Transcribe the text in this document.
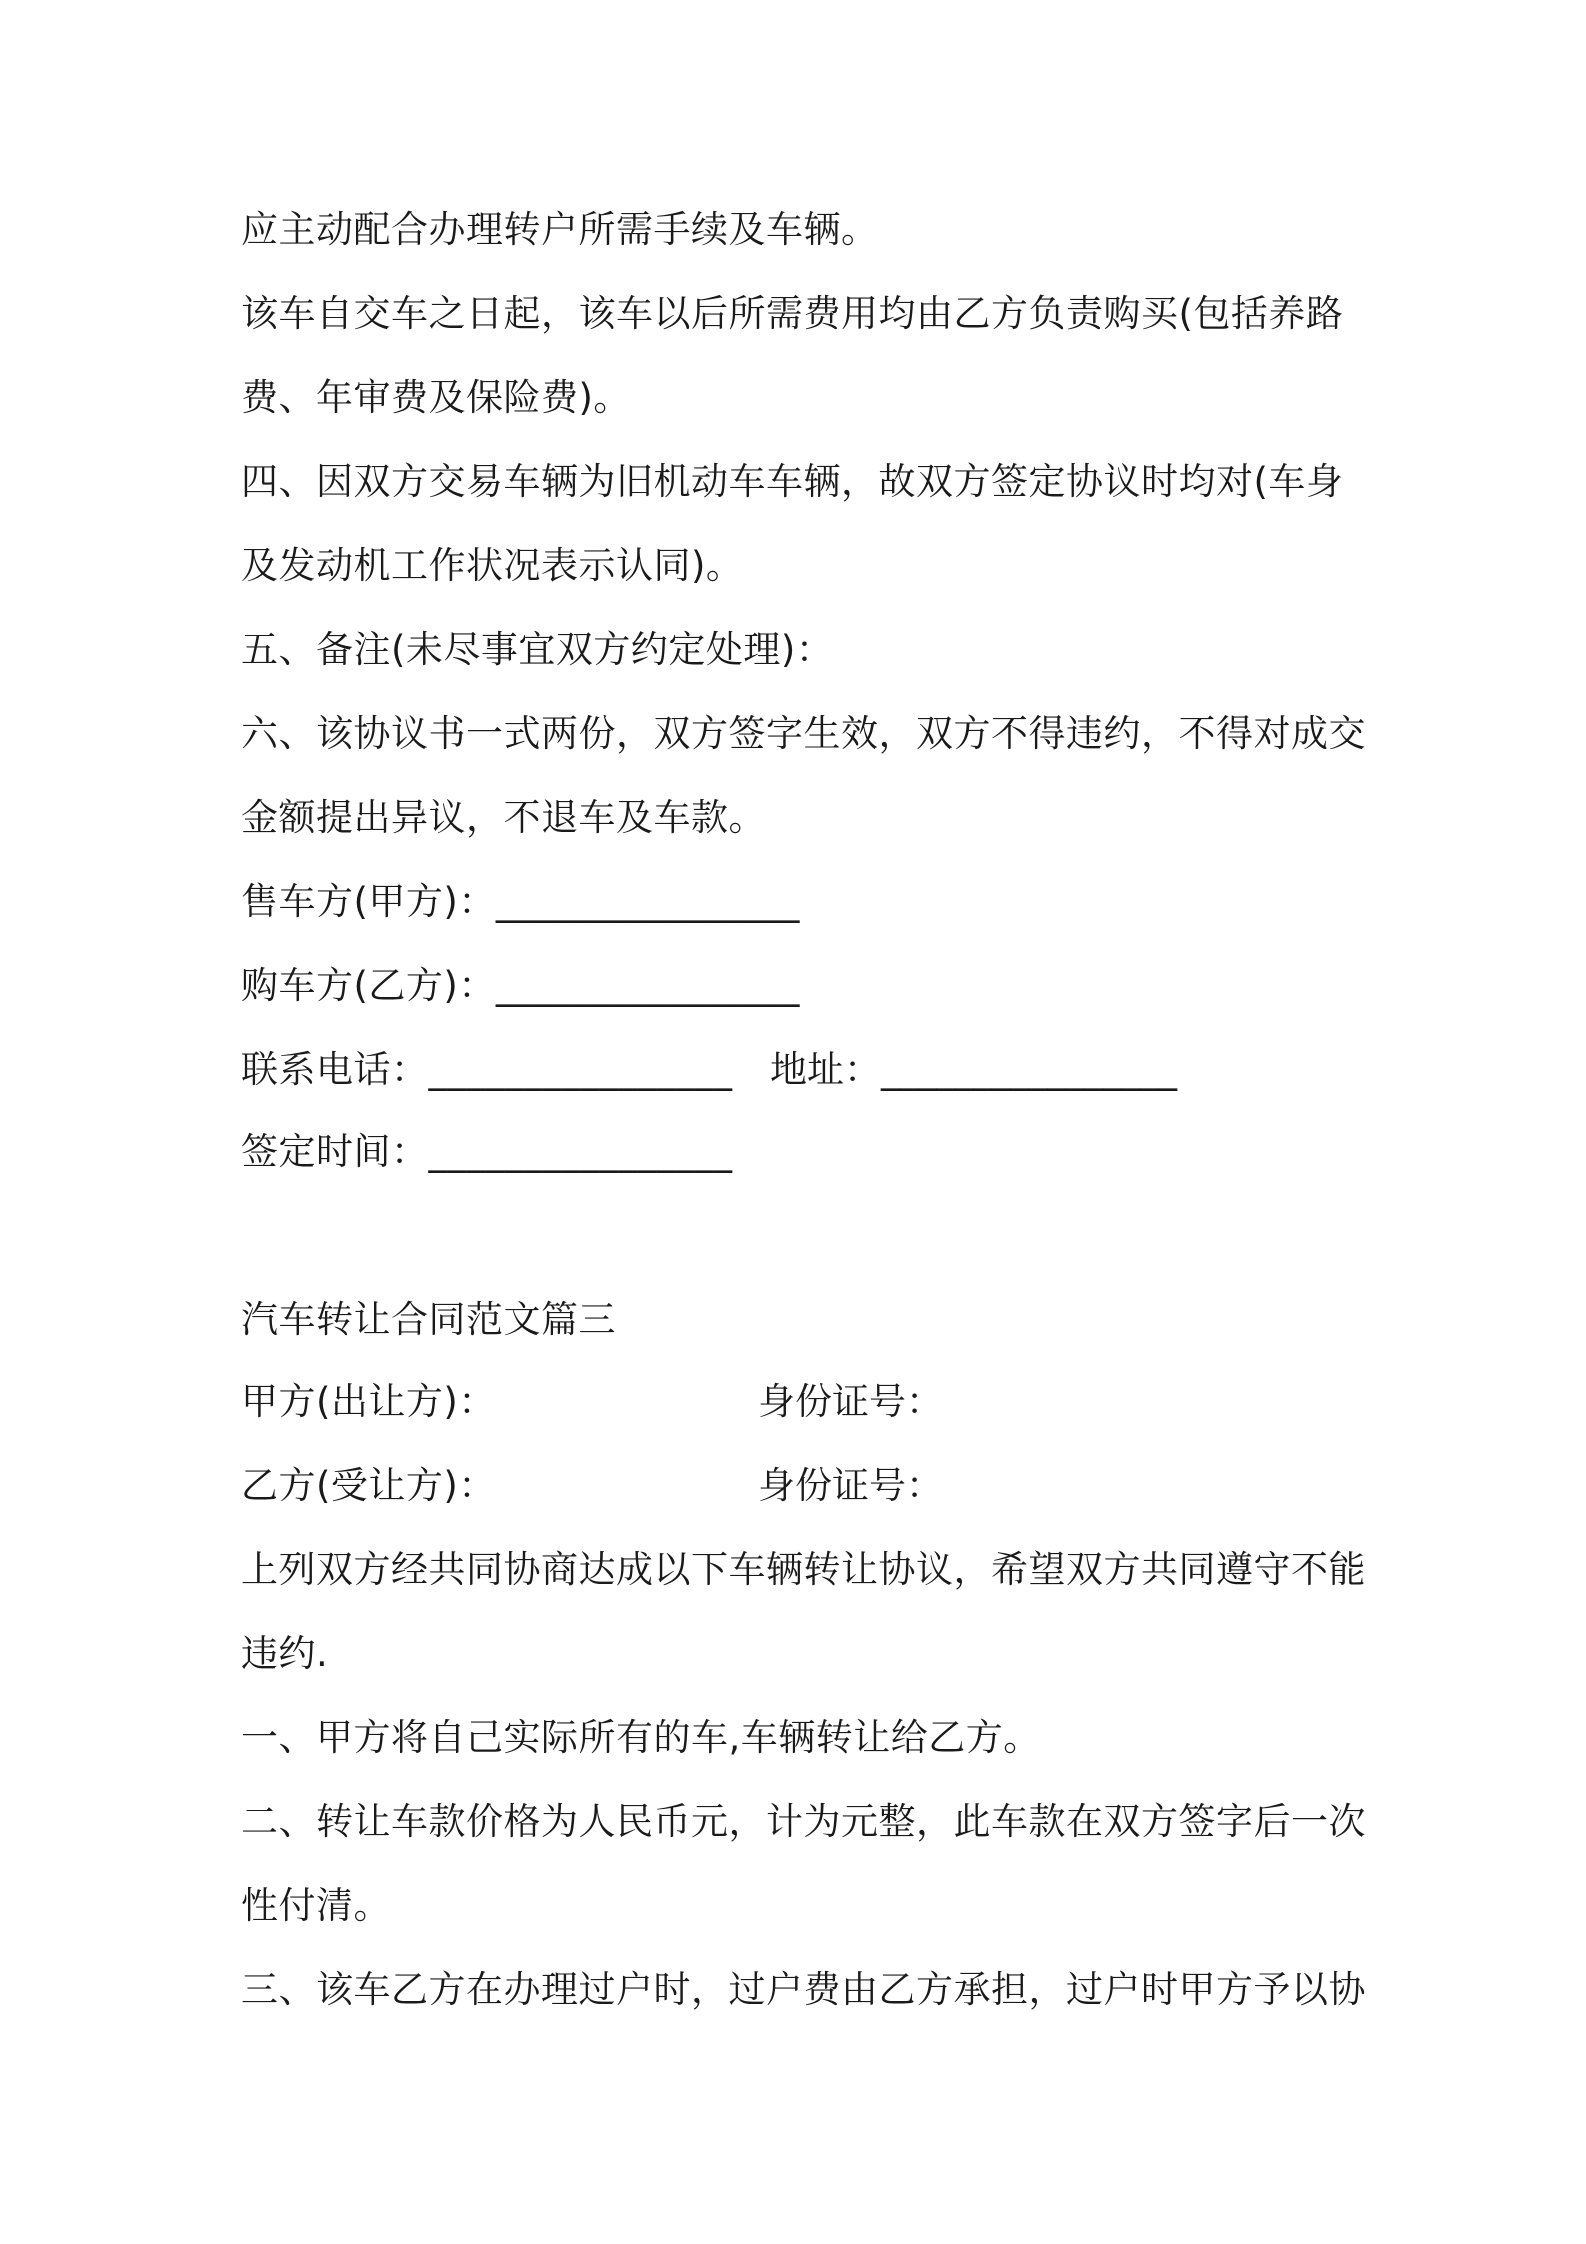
应主动配合办理转户所需手续及车辆。
该车自交车之日起，该车以后所需费用均由乙方负责购买(包括养路
费、年审费及保险费)。
四、因双方交易车辆为旧机动车车辆，故双方签定协议时均对(车身
及发动机工作状况表示认同)。
五、备注(未尽事宜双方约定处理)：
六、该协议书一式两份，双方签字生效，双方不得违约，不得对成交
金额提出异议，不退车及车款。
售车方(甲方)：________________
购车方(乙方)：________________
联系电话：________________ 地址：________________
签定时间：________________
汽车转让合同范文篇三
甲方(出让方)：	身份证号：
乙方(受让方)：	身份证号：
上列双方经共同协商达成以下车辆转让协议，希望双方共同遵守不能
违约.
一、甲方将自己实际所有的车,车辆转让给乙方。
二、转让车款价格为人民币元，计为元整，此车款在双方签字后一次
性付清。
三、该车乙方在办理过户时，过户费由乙方承担，过户时甲方予以协
